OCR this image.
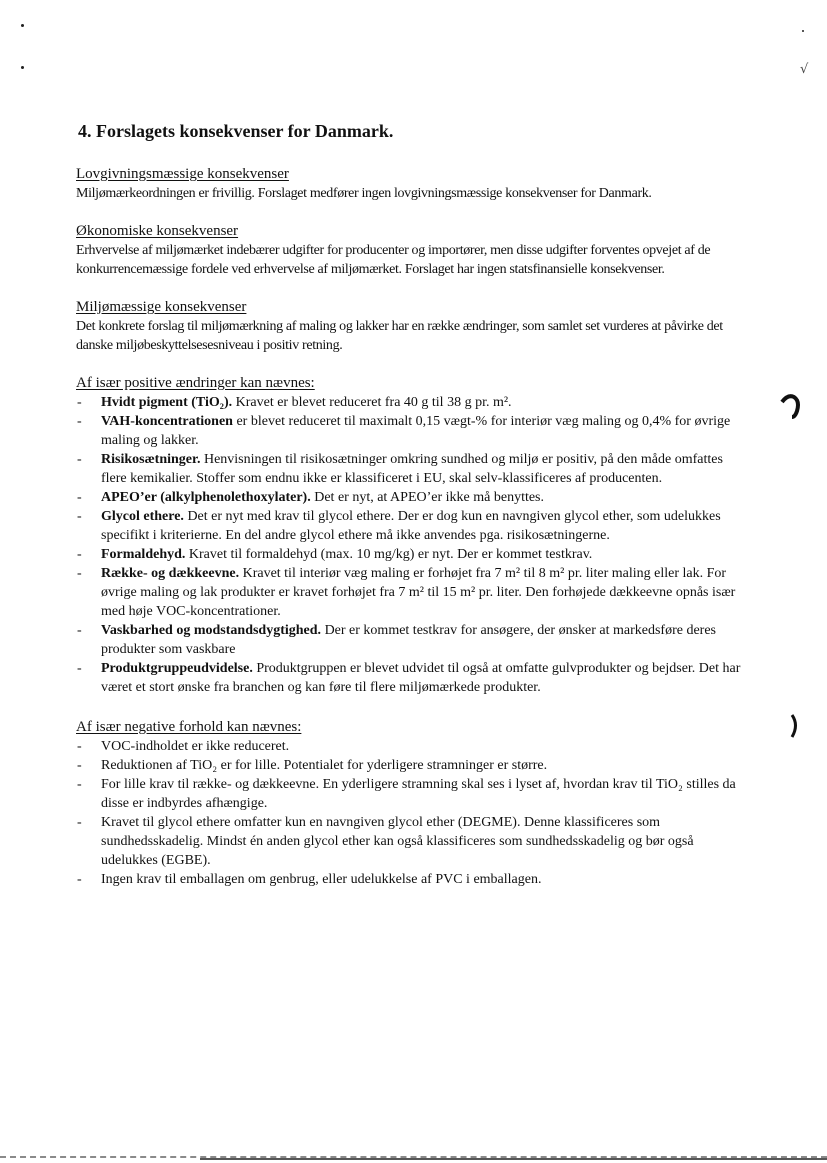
√
4. Forslagets konsekvenser for Danmark.

Lovgivningsmæssige konsekvenser

Miljømærkeordningen er frivillig. Forslaget medfører ingen lovgivningsmæssige konsekvenser for Danmark.

Økonomiske konsekvenser

Erhvervelse af miljømærket indebærer udgifter for producenter og importører, men disse udgifter forventes opvejet af de konkurrencemæssige fordele ved erhvervelse af miljømærket. Forslaget har ingen statsfinansielle konsekvenser.

Miljømæssige konsekvenser

Det konkrete forslag til miljømærkning af maling og lakker har en række ændringer, som samlet set vurderes at påvirke det danske miljøbeskyttelsesesniveau i positiv retning.

Af især positive ændringer kan nævnes:

- Hvidt pigment (TiO₂). Kravet er blevet reduceret fra 40 g til 38 g pr. m².
- VAH-koncentrationen er blevet reduceret til maximalt 0,15 vægt-% for interiør væg maling og 0,4% for øvrige maling og lakker.
- Risikosætninger. Henvisningen til risikosætninger omkring sundhed og miljø er positiv, på den måde omfattes flere kemikalier. Stoffer som endnu ikke er klassificeret i EU, skal selv-klassificeres af producenten.
- APEO’er (alkylphenolethoxylater). Det er nyt, at APEO’er ikke må benyttes.
- Glycol ethere. Det er nyt med krav til glycol ethere. Der er dog kun en navngiven glycol ether, som udelukkes specifikt i kriterierne. En del andre glycol ethere må ikke anvendes pga. risikosætningerne.
- Formaldehyd. Kravet til formaldehyd (max. 10 mg/kg) er nyt. Der er kommet testkrav.
- Række- og dækkeevne. Kravet til interiør væg maling er forhøjet fra 7 m² til 8 m² pr. liter maling eller lak. For øvrige maling og lak produkter er kravet forhøjet fra 7 m² til 15 m² pr. liter. Den forhøjede dækkeevne opnås især med høje VOC-koncentrationer.
- Vaskbarhed og modstandsdygtighed. Der er kommet testkrav for ansøgere, der ønsker at markedsføre deres produkter som vaskbare
- Produktgruppeudvidelse. Produktgruppen er blevet udvidet til også at omfatte gulvprodukter og bejdser. Det har været et stort ønske fra branchen og kan føre til flere miljømærkede produkter.

Af især negative forhold kan nævnes:

- VOC-indholdet er ikke reduceret.
- Reduktionen af TiO₂ er for lille. Potentialet for yderligere stramninger er større.
- For lille krav til række- og dækkeevne. En yderligere stramning skal ses i lyset af, hvordan krav til TiO₂ stilles da disse er indbyrdes afhængige.
- Kravet til glycol ethere omfatter kun en navngiven glycol ether (DEGME). Denne klassificeres som sundhedsskadelig. Mindst én anden glycol ether kan også klassificeres som sundhedsskadelig og bør også udelukkes (EGBE).
- Ingen krav til emballagen om genbrug, eller udelukkelse af PVC i emballagen.
